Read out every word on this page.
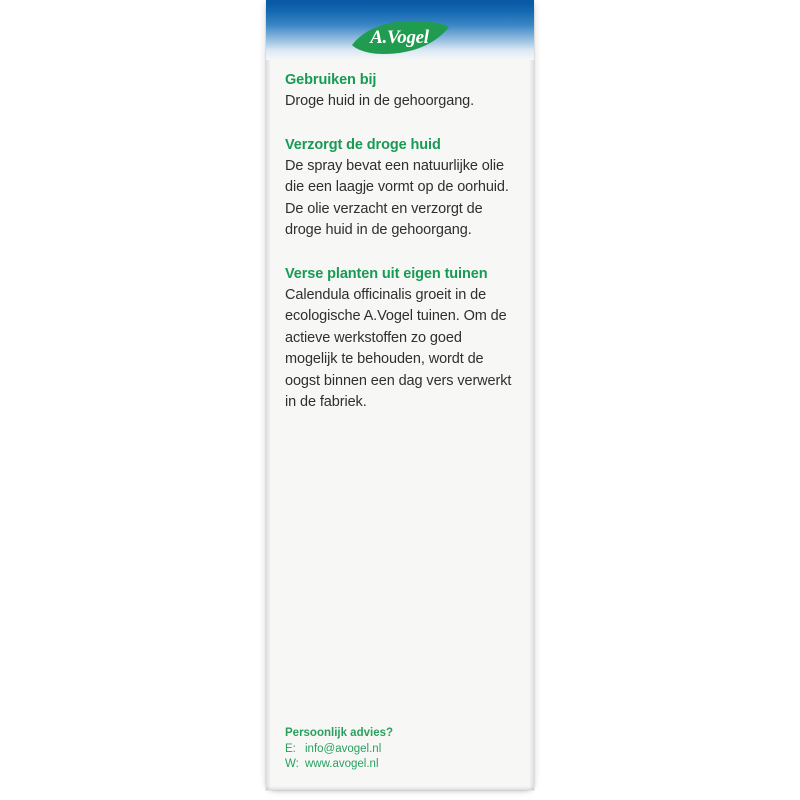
A.Vogel

Gebruiken bij

Droge huid in de gehoorgang.

Verzorgt de droge huid

De spray bevat een natuurlijke olie die een laagje vormt op de oorhuid. De olie verzacht en verzorgt de droge huid in de gehoorgang.

Verse planten uit eigen tuinen

Calendula officinalis groeit in de ecologische A.Vogel tuinen. Om de actieve werkstoffen zo goed mogelijk te behouden, wordt de oogst binnen een dag vers verwerkt in de fabriek.

Persoonlijk advies?

E: info@avogel.nl
W: www.avogel.nl
